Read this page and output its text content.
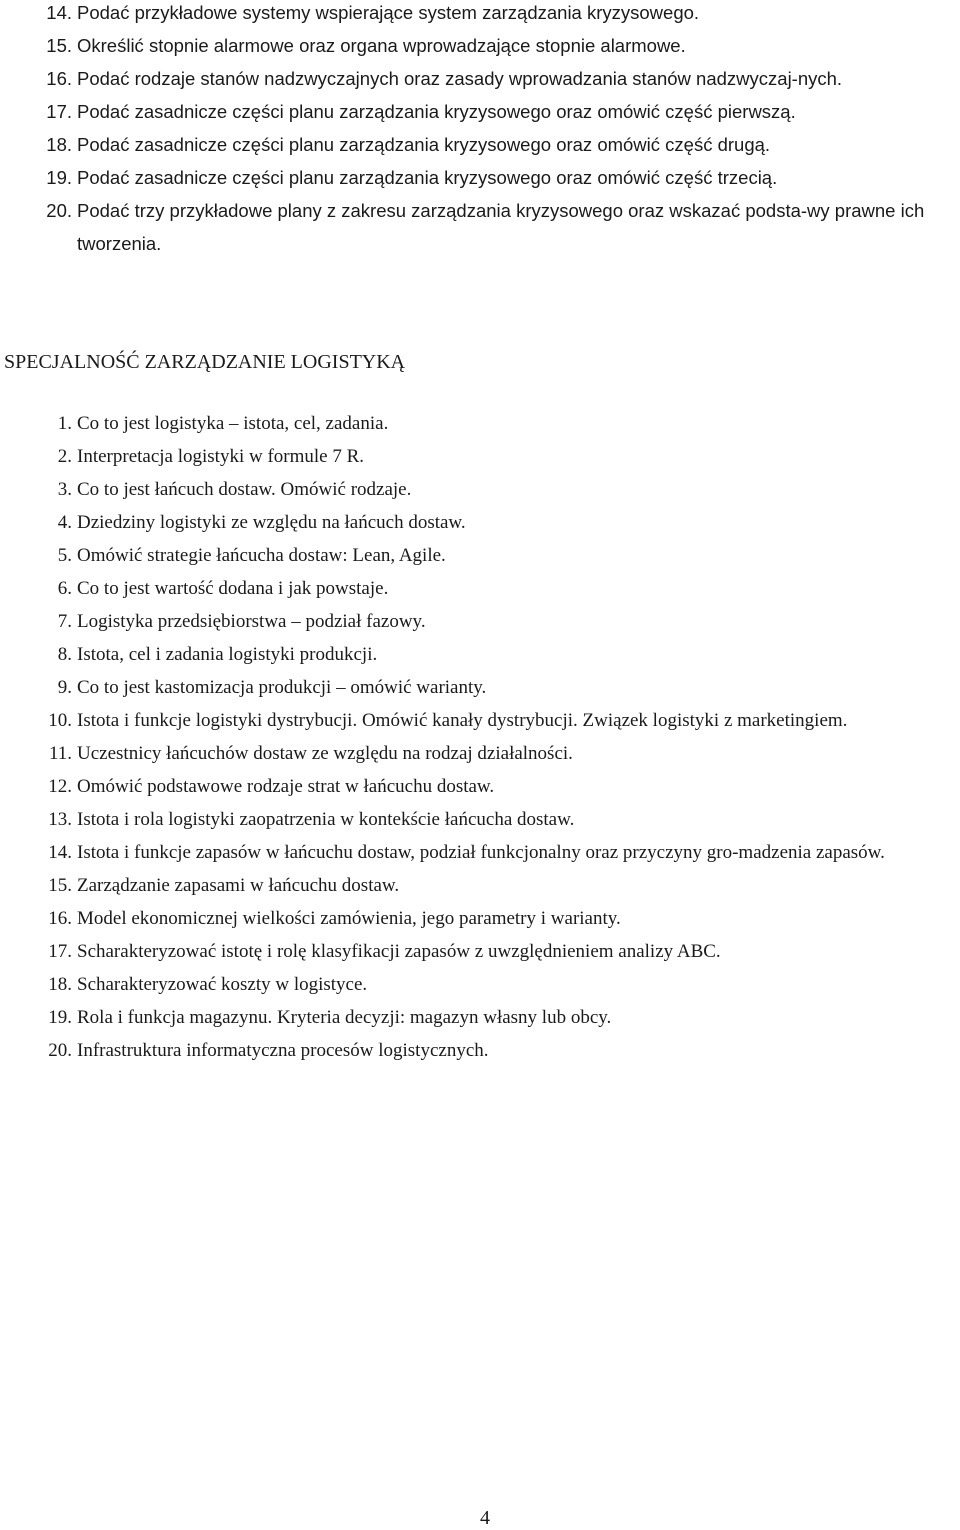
14. Podać przykładowe systemy wspierające system zarządzania kryzysowego.
15. Określić stopnie alarmowe oraz organa wprowadzające stopnie alarmowe.
16. Podać rodzaje stanów nadzwyczajnych oraz zasady wprowadzania stanów nadzwyczaj-nych.
17. Podać zasadnicze części planu zarządzania kryzysowego oraz omówić część pierwszą.
18. Podać zasadnicze części planu zarządzania kryzysowego oraz omówić część drugą.
19. Podać zasadnicze części planu zarządzania kryzysowego oraz omówić część trzecią.
20. Podać trzy przykładowe plany z zakresu zarządzania kryzysowego oraz wskazać podsta-wy prawne ich tworzenia.
SPECJALNOŚĆ ZARZĄDZANIE LOGISTYKĄ
1. Co to jest logistyka – istota, cel, zadania.
2. Interpretacja logistyki w formule 7 R.
3. Co to jest łańcuch dostaw. Omówić rodzaje.
4. Dziedziny logistyki ze względu na łańcuch dostaw.
5. Omówić strategie łańcucha dostaw: Lean, Agile.
6. Co to jest wartość dodana i jak powstaje.
7. Logistyka przedsiębiorstwa – podział fazowy.
8. Istota, cel i zadania logistyki produkcji.
9. Co to jest kastomizacja produkcji – omówić warianty.
10. Istota i funkcje logistyki dystrybucji. Omówić kanały dystrybucji. Związek logistyki z marketingiem.
11. Uczestnicy łańcuchów dostaw ze względu na rodzaj działalności.
12. Omówić podstawowe rodzaje strat w łańcuchu dostaw.
13. Istota i rola logistyki zaopatrzenia w kontekście łańcucha dostaw.
14. Istota i funkcje zapasów w łańcuchu dostaw, podział funkcjonalny oraz przyczyny gro-madzenia zapasów.
15. Zarządzanie zapasami w łańcuchu dostaw.
16. Model ekonomicznej wielkości zamówienia, jego parametry i warianty.
17. Scharakteryzować istotę i rolę klasyfikacji zapasów z uwzględnieniem analizy ABC.
18. Scharakteryzować koszty w logistyce.
19. Rola i funkcja magazynu. Kryteria decyzji: magazyn własny lub obcy.
20. Infrastruktura informatyczna procesów logistycznych.
4
